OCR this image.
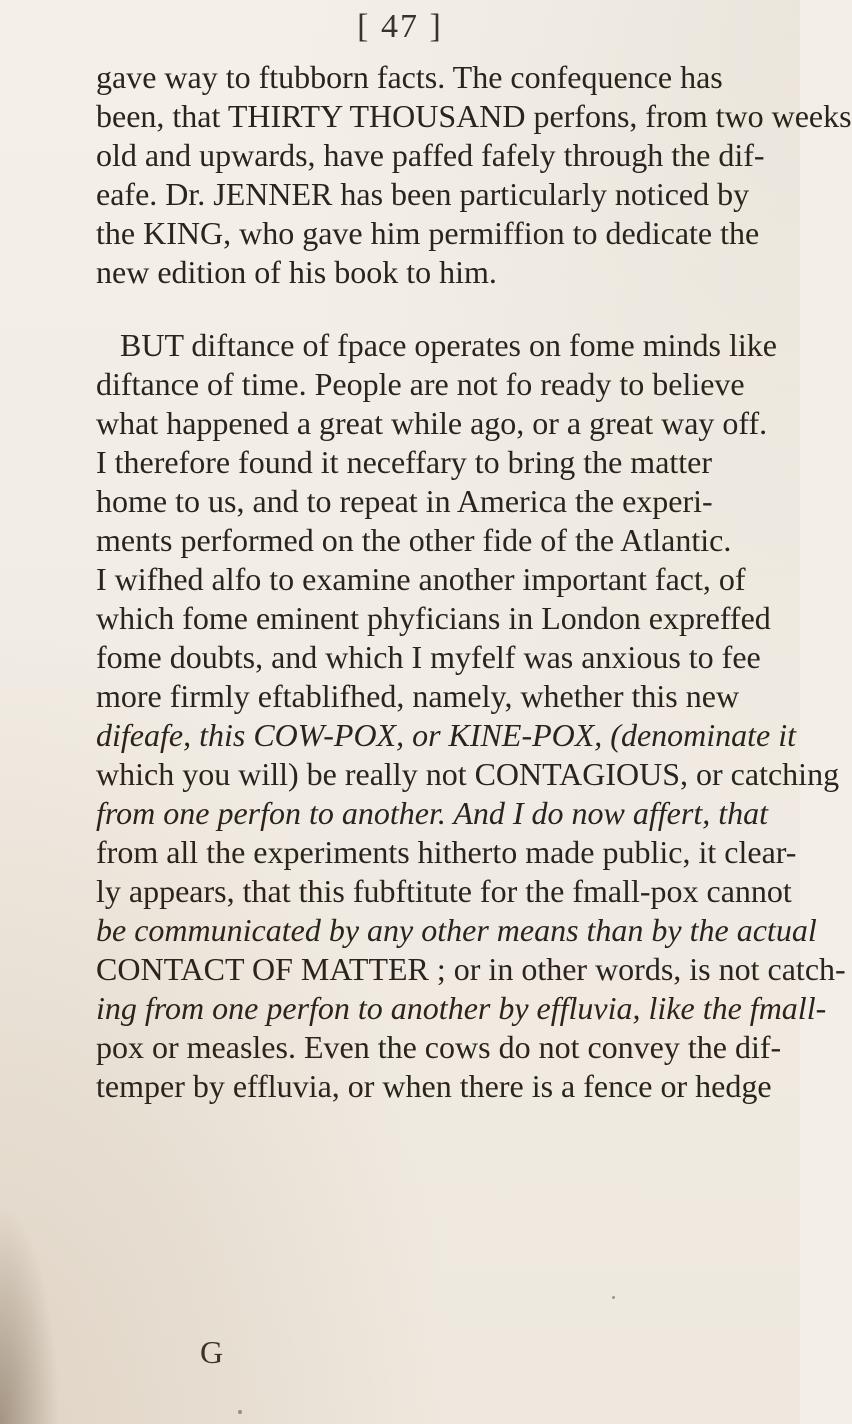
[ 47 ]
gave way to ftubborn facts. The confequence has
been, that THIRTY THOUSAND perfons, from two weeks
old and upwards, have paffed fafely through the dif-
eafe. Dr. JENNER has been particularly noticed by
the KING, who gave him permiffion to dedicate the
new edition of his book to him.
BUT diftance of fpace operates on fome minds like
diftance of time. People are not fo ready to believe
what happened a great while ago, or a great way off.
I therefore found it neceffary to bring the matter
home to us, and to repeat in America the experi-
ments performed on the other fide of the Atlantic.
I wifhed alfo to examine another important fact, of
which fome eminent phyficians in London expreffed
fome doubts, and which I myfelf was anxious to fee
more firmly eftablifhed, namely, whether this new
difeafe, this COW-POX, or KINE-POX, (denominate it
which you will) be really not CONTAGIOUS, or catching
from one perfon to another. And I do now affert, that
from all the experiments hitherto made public, it clear-
ly appears, that this fubftitute for the fmall-pox cannot
be communicated by any other means than by the actual
CONTACT OF MATTER ; or in other words, is not catch-
ing from one perfon to another by effluvia, like the fmall-
pox or measles. Even the cows do not convey the dif-
temper by effluvia, or when there is a fence or hedge
G
